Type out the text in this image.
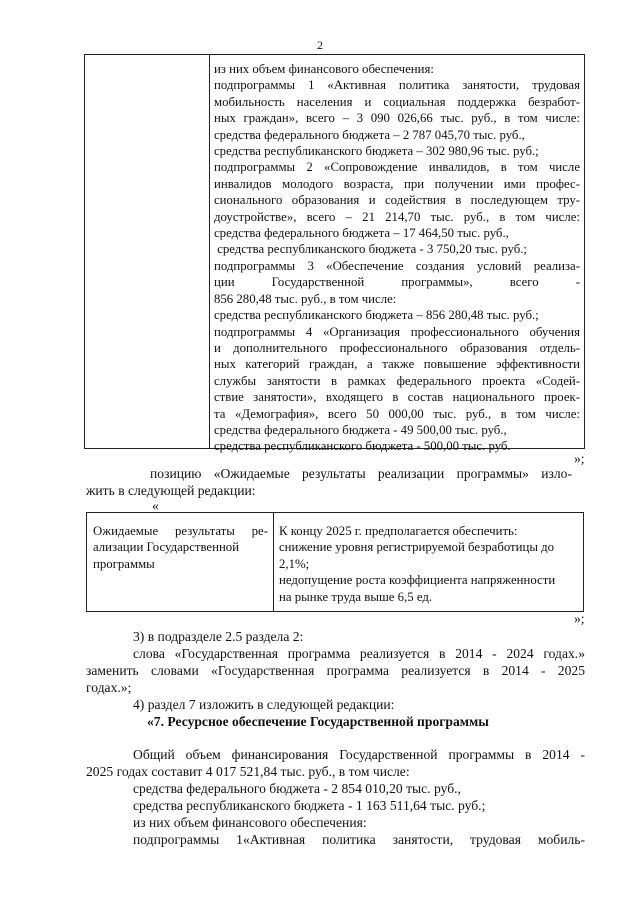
2
из них объем финансового обеспечения:
подпрограммы 1 «Активная политика занятости, трудовая
мобильность населения и социальная поддержка безработ-
ных граждан», всего – 3 090 026,66 тыс. руб., в том числе:
средства федерального бюджета – 2 787 045,70 тыс. руб.,
средства республиканского бюджета – 302 980,96 тыс. руб.;
подпрограммы 2 «Сопровождение инвалидов, в том числе
инвалидов молодого возраста, при получении ими профес-
сионального образования и содействия в последующем тру-
доустройстве», всего – 21 214,70 тыс. руб., в том числе:
средства федерального бюджета – 17 464,50 тыс. руб.,
средства республиканского бюджета - 3 750,20 тыс. руб.;
подпрограммы 3 «Обеспечение создания условий реализа-
ции Государственной программы», всего -
856 280,48 тыс. руб., в том числе:
средства республиканского бюджета – 856 280,48 тыс. руб.;
подпрограммы 4 «Организация профессионального обучения
и дополнительного профессионального образования отдель-
ных категорий граждан, а также повышение эффективности
службы занятости в рамках федерального проекта «Содей-
ствие занятости», входящего в состав национального проек-
та «Демография», всего 50 000,00 тыс. руб., в том числе:
средства федерального бюджета - 49 500,00 тыс. руб.,
средства республиканского бюджета - 500,00 тыс. руб.
»;
позицию «Ожидаемые результаты реализации программы» изло-
жить в следующей редакции:
«
Ожидаемые результаты ре-
ализации Государственной
программы
К концу 2025 г. предполагается обеспечить:
снижение уровня регистрируемой безработицы до
2,1%;
недопущение роста коэффициента напряженности
на рынке труда выше 6,5 ед.
»;
3) в подразделе 2.5 раздела 2:
слова «Государственная программа реализуется в 2014 - 2024 годах.»
заменить словами «Государственная программа реализуется в 2014 - 2025
годах.»;
4) раздел 7 изложить в следующей редакции:
«7. Ресурсное обеспечение Государственной программы
Общий объем финансирования Государственной программы в 2014 -
2025 годах составит 4 017 521,84 тыс. руб., в том числе:
средства федерального бюджета - 2 854 010,20 тыс. руб.,
средства республиканского бюджета - 1 163 511,64 тыс. руб.;
из них объем финансового обеспечения:
подпрограммы 1«Активная политика занятости, трудовая мобиль-
